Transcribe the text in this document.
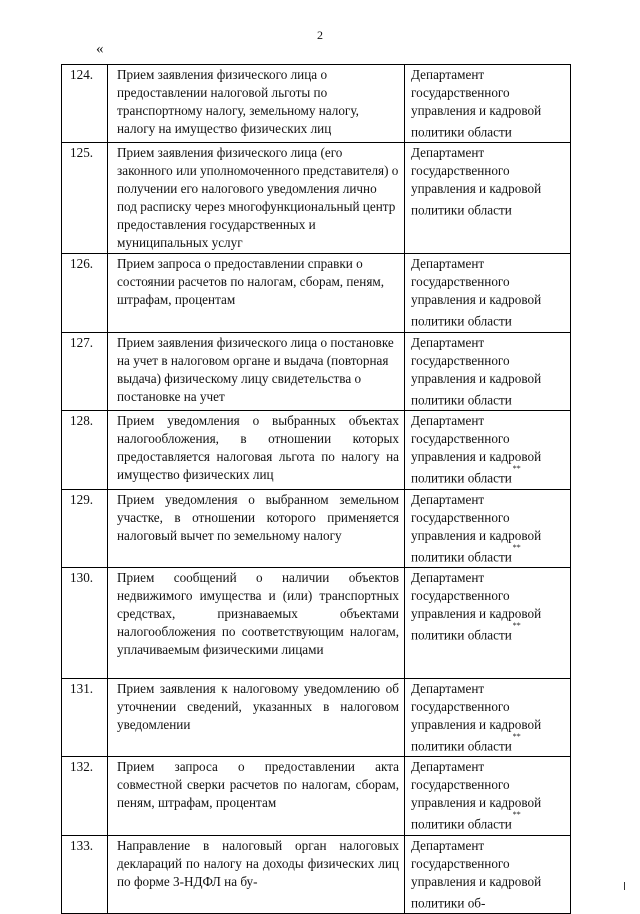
2
«
124.	Прием заявления физического лица о предоставлении налоговой льготы по транспортному налогу, земельному налогу, налогу на имущество физических лиц	Департамент государственного управления и кадровой политики области
125.	Прием заявления физического лица (его законного или уполномоченного представителя) о получении его налогового уведомления лично под расписку через многофункциональный центр предоставления государственных и муниципальных услуг	Департамент государственного управления и кадровой политики области
126.	Прием запроса о предоставлении справки о состоянии расчетов по налогам, сборам, пеням, штрафам, процентам	Департамент государственного управления и кадровой политики области
127.	Прием заявления физического лица о постановке на учет в налоговом органе и выдача (повторная выдача) физическому лицу свидетельства о постановке на учет	Департамент государственного управления и кадровой политики области
128.	Прием уведомления о выбранных объектах налогообложения, в отношении которых предоставляется налоговая льгота по налогу на имущество физических лиц	Департамент государственного управления и кадровой политики области**
129.	Прием уведомления о выбранном земельном участке, в отношении которого применяется налоговый вычет по земельному налогу	Департамент государственного управления и кадровой политики области**
130.	Прием сообщений о наличии объектов недвижимого имущества и (или) транспортных средствах, признаваемых объектами налогообложения по соответствующим налогам, уплачиваемым физическими лицами	Департамент государственного управления и кадровой политики области**
131.	Прием заявления к налоговому уведомлению об уточнении сведений, указанных в налоговом уведомлении	Департамент государственного управления и кадровой политики области**
132.	Прием запроса о предоставлении акта совместной сверки расчетов по налогам, сборам, пеням, штрафам, процентам	Департамент государственного управления и кадровой политики области**
133.	Направление в налоговый орган налоговых деклараций по налогу на доходы физических лиц по форме 3-НДФЛ на бу-	Департамент государственного управления и кадровой политики об-
